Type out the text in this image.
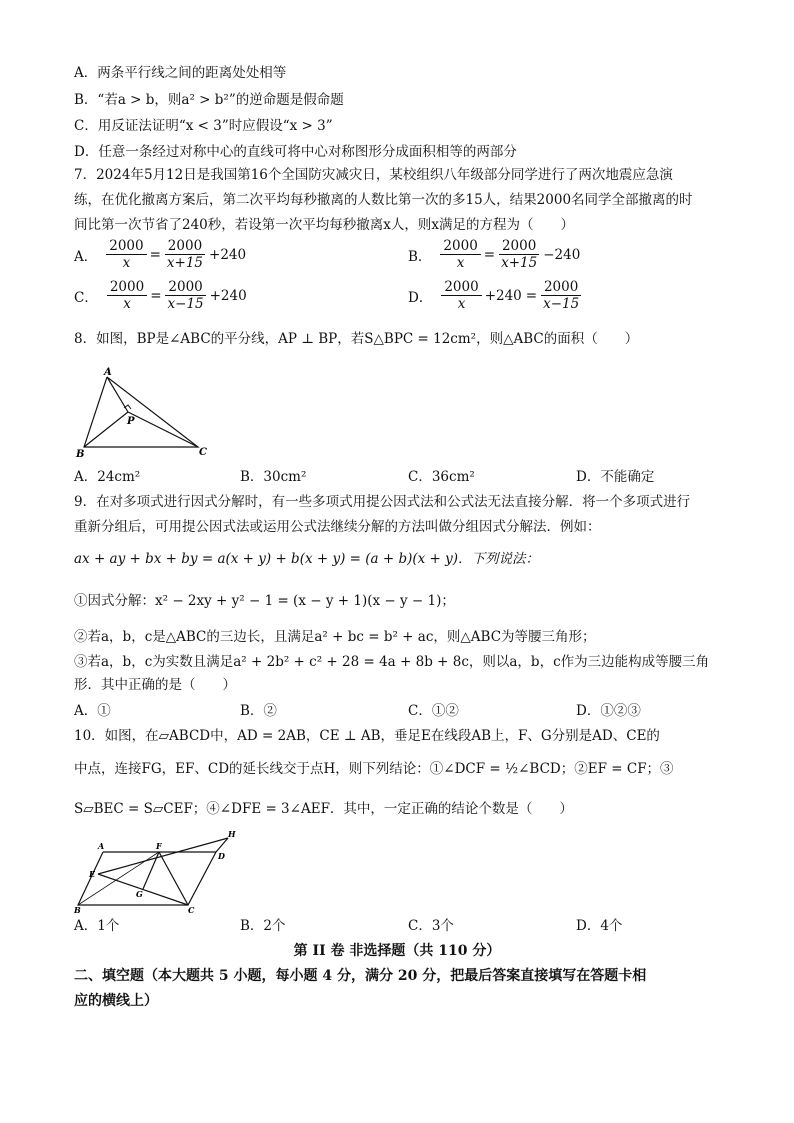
A．两条平行线之间的距离处处相等
B．“若a > b，则a² > b²”的逆命题是假命题
C．用反证法证明“x < 3”时应假设“x > 3”
D．任意一条经过对称中心的直线可将中心对称图形分成面积相等的两部分
7．2024年5月12日是我国第16个全国防灾减灾日，某校组织八年级部分同学进行了两次地震应急演
练，在优化撤离方案后，第二次平均每秒撤离的人数比第一次的多15人，结果2000名同学全部撤离的时
间比第一次节省了240秒，若设第一次平均每秒撤离x人，则x满足的方程为（　　）
A． $\frac{2000}{x} = \frac{2000}{x+15} +240$	B． $\frac{2000}{x} = \frac{2000}{x+15} -240$
C． $\frac{2000}{x} = \frac{2000}{x-15} +240$	D． $\frac{2000}{x} +240 = \frac{2000}{x-15}$
8．如图，BP是∠ABC的平分线，AP ⊥ BP，若S△BPC = 12cm²，则△ABC的面积（　　）
A
B	C
P
A．24cm²	B．30cm²	C．36cm²	D．不能确定
9．在对多项式进行因式分解时，有一些多项式用提公因式法和公式法无法直接分解．将一个多项式进行
重新分组后，可用提公因式法或运用公式法继续分解的方法叫做分组因式分解法．例如：
ax + ay + bx + by = a(x + y) + b(x + y) = (a + b)(x + y)．下列说法：
①因式分解：x² − 2xy + y² − 1 = (x − y + 1)(x − y − 1)；
②若a，b，c是△ABC的三边长，且满足a² + bc = b² + ac，则△ABC为等腰三角形；
③若a，b，c为实数且满足a² + 2b² + c² + 28 = 4a + 8b + 8c，则以a，b，c作为三边能构成等腰三角
形．其中正确的是（　　）
A．①	B．②	C．①②	D．①②③
10．如图，在▱ABCD中，AD = 2AB，CE ⊥ AB，垂足E在线段AB上，F、G分别是AD、CE的
中点，连接FG，EF、CD的延长线交于点H，则下列结论：①∠DCF = ½∠BCD；②EF = CF；③
S▱BEC = S▱CEF；④∠DFE = 3∠AEF．其中，一定正确的结论个数是（　　）
A
B	C
D
E
F
G
H
A．1个	B．2个	C．3个	D．4个
第 II 卷 非选择题（共 110 分）
二、填空题（本大题共 5 小题，每小题 4 分，满分 20 分，把最后答案直接填写在答题卡相
应的横线上）
